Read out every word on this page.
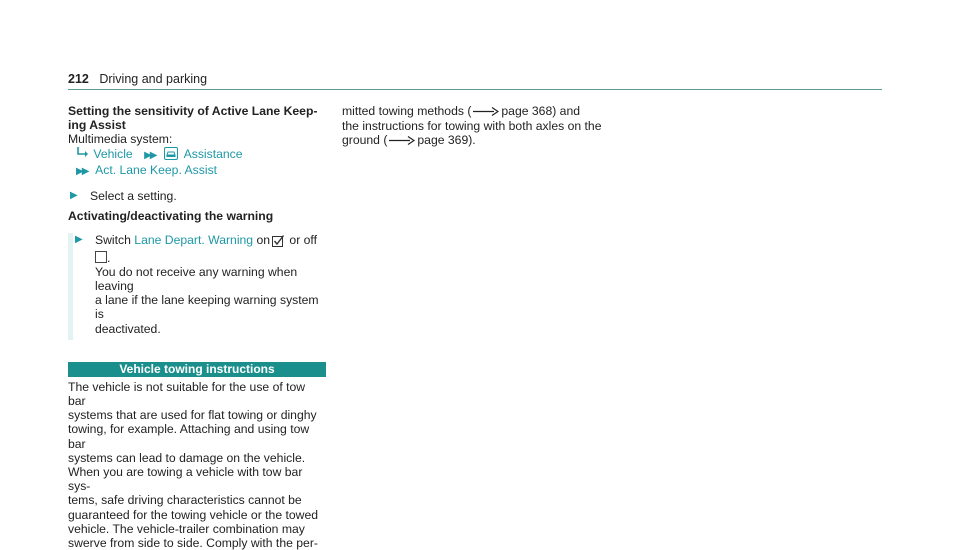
212 Driving and parking
Setting the sensitivity of Active Lane Keep-
ing Assist
Multimedia system:
Vehicle ▶▶ Assistance
▶▶ Act. Lane Keep. Assist
▶	Select a setting.
Activating/deactivating the warning
▶	Switch Lane Depart. Warning on or off
.
You do not receive any warning when leaving
a lane if the lane keeping warning system is
deactivated.
Vehicle towing instructions
The vehicle is not suitable for the use of tow bar
systems that are used for flat towing or dinghy
towing, for example. Attaching and using tow bar
systems can lead to damage on the vehicle.
When you are towing a vehicle with tow bar sys-
tems, safe driving characteristics cannot be
guaranteed for the towing vehicle or the towed
vehicle. The vehicle-trailer combination may
swerve from side to side. Comply with the per-
mitted towing methods ( page 368) and
the instructions for towing with both axles on the
ground ( page 369).
